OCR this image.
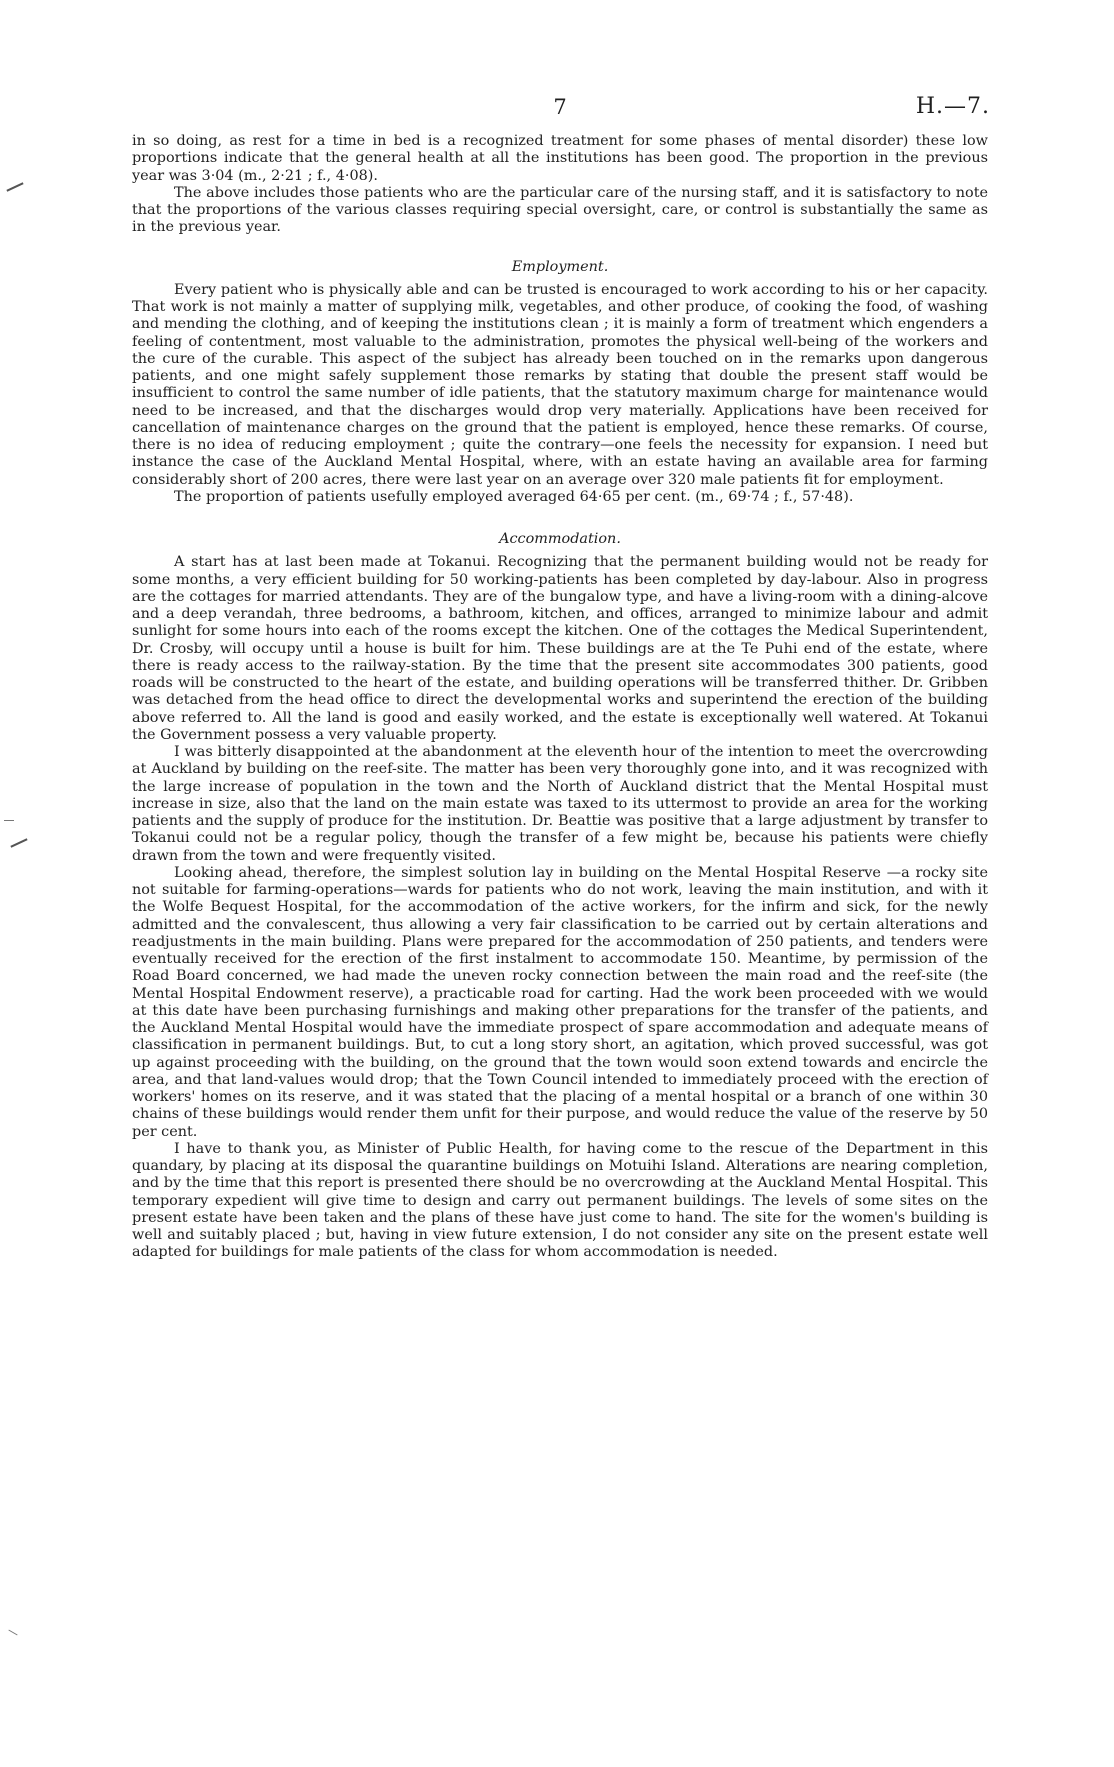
7	H.—7.

in so doing, as rest for a time in bed is a recognized treatment for some phases of mental disorder) these low proportions indicate that the general health at all the institutions has been good. The proportion in the previous year was 3·04 (m., 2·21 ; f., 4·08).

The above includes those patients who are the particular care of the nursing staff, and it is satisfactory to note that the proportions of the various classes requiring special oversight, care, or control is substantially the same as in the previous year.

Employment.

Every patient who is physically able and can be trusted is encouraged to work according to his or her capacity. That work is not mainly a matter of supplying milk, vegetables, and other produce, of cooking the food, of washing and mending the clothing, and of keeping the institutions clean ; it is mainly a form of treatment which engenders a feeling of contentment, most valuable to the administration, promotes the physical well-being of the workers and the cure of the curable. This aspect of the subject has already been touched on in the remarks upon dangerous patients, and one might safely supplement those remarks by stating that double the present staff would be insufficient to control the same number of idle patients, that the statutory maximum charge for maintenance would need to be increased, and that the discharges would drop very materially. Applications have been received for cancellation of maintenance charges on the ground that the patient is employed, hence these remarks. Of course, there is no idea of reducing employment ; quite the contrary—one feels the necessity for expansion. I need but instance the case of the Auckland Mental Hospital, where, with an estate having an available area for farming considerably short of 200 acres, there were last year on an average over 320 male patients fit for employment.

The proportion of patients usefully employed averaged 64·65 per cent. (m., 69·74 ; f., 57·48).

Accommodation.

A start has at last been made at Tokanui. Recognizing that the permanent building would not be ready for some months, a very efficient building for 50 working-patients has been completed by day-labour. Also in progress are the cottages for married attendants. They are of the bungalow type, and have a living-room with a dining-alcove and a deep verandah, three bedrooms, a bathroom, kitchen, and offices, arranged to minimize labour and admit sunlight for some hours into each of the rooms except the kitchen. One of the cottages the Medical Superintendent, Dr. Crosby, will occupy until a house is built for him. These buildings are at the Te Puhi end of the estate, where there is ready access to the railway-station. By the time that the present site accommodates 300 patients, good roads will be constructed to the heart of the estate, and building operations will be transferred thither. Dr. Gribben was detached from the head office to direct the developmental works and superintend the erection of the building above referred to. All the land is good and easily worked, and the estate is exceptionally well watered. At Tokanui the Government possess a very valuable property.

I was bitterly disappointed at the abandonment at the eleventh hour of the intention to meet the overcrowding at Auckland by building on the reef-site. The matter has been very thoroughly gone into, and it was recognized with the large increase of population in the town and the North of Auckland district that the Mental Hospital must increase in size, also that the land on the main estate was taxed to its uttermost to provide an area for the working patients and the supply of produce for the institution. Dr. Beattie was positive that a large adjustment by transfer to Tokanui could not be a regular policy, though the transfer of a few might be, because his patients were chiefly drawn from the town and were frequently visited.

Looking ahead, therefore, the simplest solution lay in building on the Mental Hospital Reserve —a rocky site not suitable for farming-operations—wards for patients who do not work, leaving the main institution, and with it the Wolfe Bequest Hospital, for the accommodation of the active workers, for the infirm and sick, for the newly admitted and the convalescent, thus allowing a very fair classification to be carried out by certain alterations and readjustments in the main building. Plans were prepared for the accommodation of 250 patients, and tenders were eventually received for the erection of the first instalment to accommodate 150. Meantime, by permission of the Road Board concerned, we had made the uneven rocky connection between the main road and the reef-site (the Mental Hospital Endowment reserve), a practicable road for carting. Had the work been proceeded with we would at this date have been purchasing furnishings and making other preparations for the transfer of the patients, and the Auckland Mental Hospital would have the immediate prospect of spare accommodation and adequate means of classification in permanent buildings. But, to cut a long story short, an agitation, which proved successful, was got up against proceeding with the building, on the ground that the town would soon extend towards and encircle the area, and that land-values would drop; that the Town Council intended to immediately proceed with the erection of workers' homes on its reserve, and it was stated that the placing of a mental hospital or a branch of one within 30 chains of these buildings would render them unfit for their purpose, and would reduce the value of the reserve by 50 per cent.

I have to thank you, as Minister of Public Health, for having come to the rescue of the Department in this quandary, by placing at its disposal the quarantine buildings on Motuihi Island. Alterations are nearing completion, and by the time that this report is presented there should be no overcrowding at the Auckland Mental Hospital. This temporary expedient will give time to design and carry out permanent buildings. The levels of some sites on the present estate have been taken and the plans of these have just come to hand. The site for the women's building is well and suitably placed ; but, having in view future extension, I do not consider any site on the present estate well adapted for buildings for male patients of the class for whom accommodation is needed.
